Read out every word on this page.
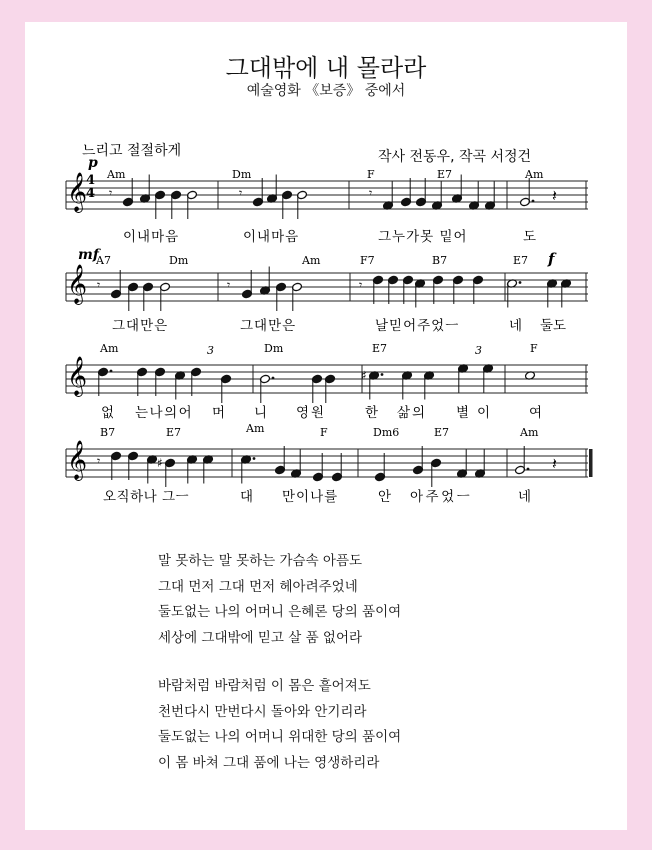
그대밖에 내 몰라라
예술영화 《보증》 중에서
느리고 절절하게	작사 전동우, 작곡 서정건
𝄞
4
4
p
Am	Dm	F	E7	Am
𝄾	𝄾	𝄾	𝄽
이내마음	이내마음	그누가못 밑어	도
𝄞
mf	f
A7	Dm	Am	F7	B7	E7
𝄾	𝄾	𝄾
그대만은	그대만은	날믿어주었ㅡ	네 둘도
𝄞
Am	Dm	E7	F
3	3
♯
없 는나의어 머 니 영원	한 삶의 별이 여
𝄞
B7	E7	Am	F	Dm6	E7	Am
𝄾	♯	𝄽
오직하나 그ㅡ	대 만이나를	안 아주었ㅡ	네
말 못하는 말 못하는 가슴속 아픔도
그대 먼저 그대 먼저 헤아려주었네
둘도없는 나의 어머니 은혜론 당의 품이여
세상에 그대밖에 믿고 살 품 없어라
바람처럼 바람처럼 이 몸은 흩어져도
천번다시 만번다시 돌아와 안기리라
둘도없는 나의 어머니 위대한 당의 품이여
이 몸 바쳐 그대 품에 나는 영생하리라
